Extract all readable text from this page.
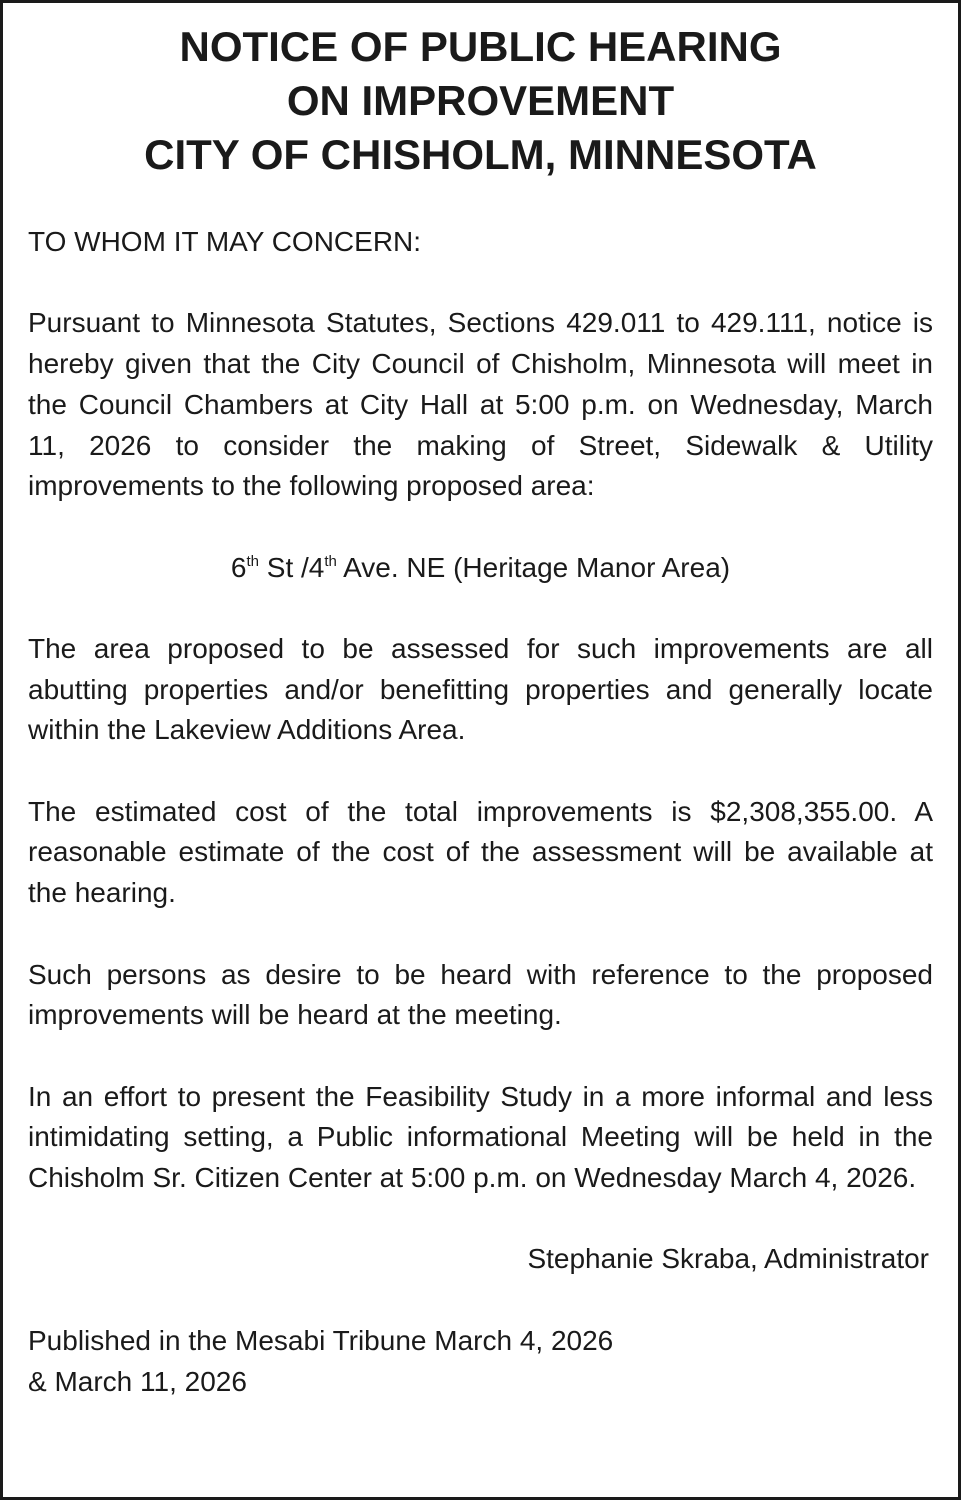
NOTICE OF PUBLIC HEARING
ON IMPROVEMENT
CITY OF CHISHOLM, MINNESOTA

TO WHOM IT MAY CONCERN:

Pursuant to Minnesota Statutes, Sections 429.011 to 429.111, notice is hereby given that the City Council of Chisholm, Minnesota will meet in the Council Chambers at City Hall at 5:00 p.m. on Wednesday, March 11, 2026 to consider the making of Street, Sidewalk & Utility improvements to the following proposed area:

6th St /4th Ave. NE (Heritage Manor Area)

The area proposed to be assessed for such improvements are all abutting properties and/or benefitting properties and generally locate within the Lakeview Additions Area.

The estimated cost of the total improvements is $2,308,355.00. A reasonable estimate of the cost of the assessment will be available at the hearing.

Such persons as desire to be heard with reference to the proposed improvements will be heard at the meeting.

In an effort to present the Feasibility Study in a more informal and less intimidating setting, a Public informational Meeting will be held in the Chisholm Sr. Citizen Center at 5:00 p.m. on Wednesday March 4, 2026.

Stephanie Skraba, Administrator

Published in the Mesabi Tribune March 4, 2026
& March 11, 2026
